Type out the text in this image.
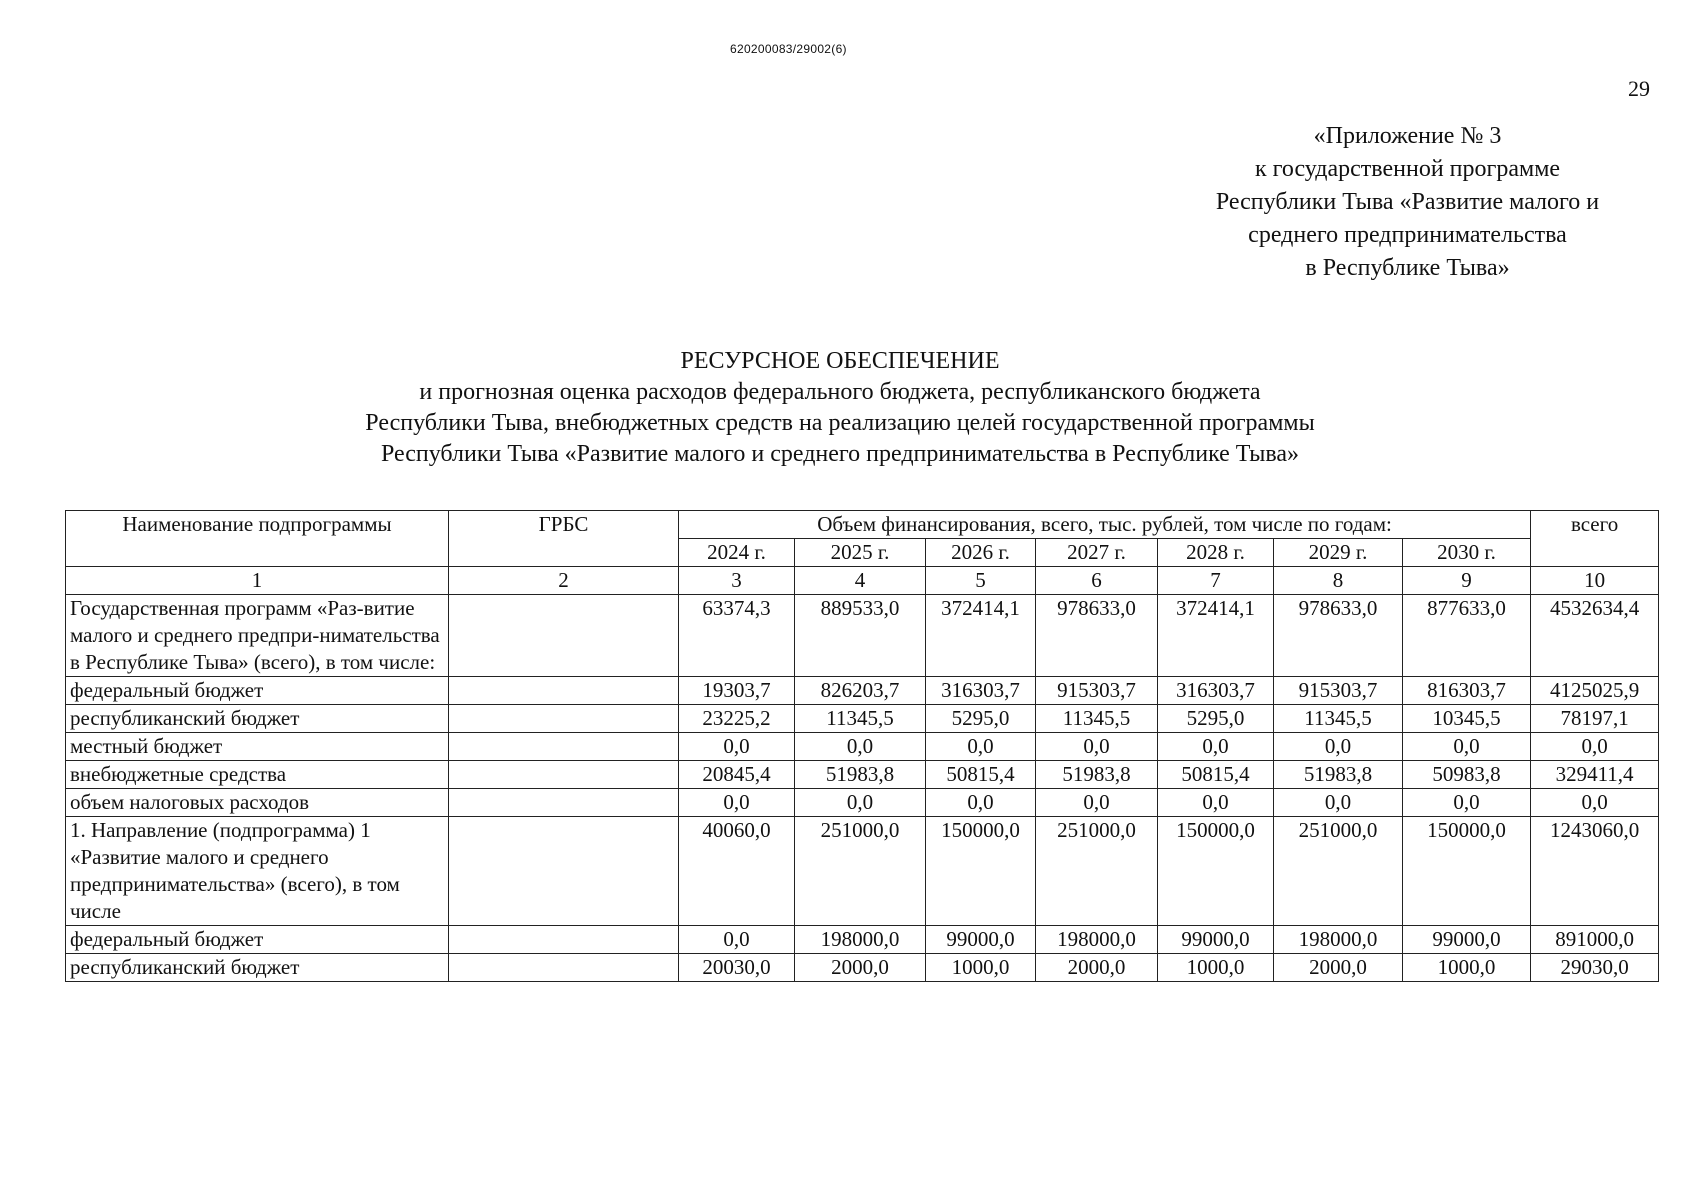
620200083/29002(6)
29
«Приложение № 3
к государственной программе
Республики Тыва «Развитие малого и
среднего предпринимательства
в Республике Тыва»
РЕСУРСНОЕ ОБЕСПЕЧЕНИЕ
и прогнозная оценка расходов федерального бюджета, республиканского бюджета
Республики Тыва, внебюджетных средств на реализацию целей государственной программы
Республики Тыва «Развитие малого и среднего предпринимательства в Республике Тыва»
Наименование подпрограммы	ГРБС	Объем финансирования, всего, тыс. рублей, том числе по годам:							всего
		2024 г.	2025 г.	2026 г.	2027 г.	2028 г.	2029 г.	2030 г.	
1	2	3	4	5	6	7	8	9	10
Государственная программ «Раз-витие малого и среднего предпри-нимательства в Республике Тыва» (всего), в том числе:		63374,3	889533,0	372414,1	978633,0	372414,1	978633,0	877633,0	4532634,4
федеральный бюджет		19303,7	826203,7	316303,7	915303,7	316303,7	915303,7	816303,7	4125025,9
республиканский бюджет		23225,2	11345,5	5295,0	11345,5	5295,0	11345,5	10345,5	78197,1
местный бюджет		0,0	0,0	0,0	0,0	0,0	0,0	0,0	0,0
внебюджетные средства		20845,4	51983,8	50815,4	51983,8	50815,4	51983,8	50983,8	329411,4
объем налоговых расходов		0,0	0,0	0,0	0,0	0,0	0,0	0,0	0,0
1. Направление (подпрограмма) 1 «Развитие малого и среднего предпринимательства» (всего), в том числе		40060,0	251000,0	150000,0	251000,0	150000,0	251000,0	150000,0	1243060,0
федеральный бюджет		0,0	198000,0	99000,0	198000,0	99000,0	198000,0	99000,0	891000,0
республиканский бюджет		20030,0	2000,0	1000,0	2000,0	1000,0	2000,0	1000,0	29030,0
